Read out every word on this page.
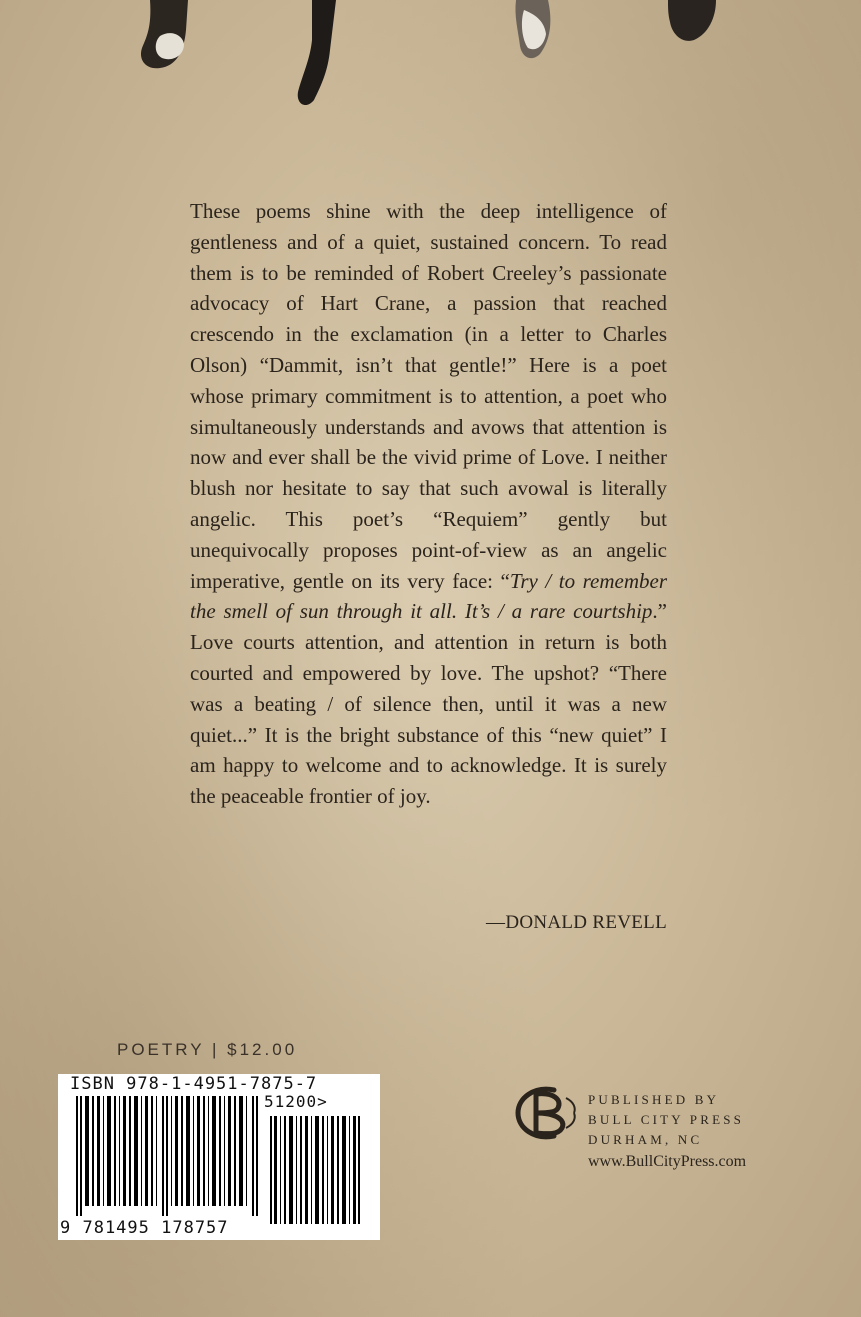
These poems shine with the deep intelligence of gentleness and of a quiet, sustained concern. To read them is to be reminded of Robert Creeley’s passionate advocacy of Hart Crane, a passion that reached crescendo in the exclamation (in a letter to Charles Olson) “Dammit, isn’t that gentle!” Here is a poet whose primary commitment is to attention, a poet who simultaneously understands and avows that attention is now and ever shall be the vivid prime of Love. I neither blush nor hesitate to say that such avowal is literally angelic. This poet’s “Requiem” gently but unequivocally proposes point-of-view as an angelic imperative, gentle on its very face: “Try / to remember the smell of sun through it all. It’s / a rare courtship.” Love courts attention, and attention in return is both courted and empowered by love. The upshot? “There was a beating / of silence then, until it was a new quiet...” It is the bright substance of this “new quiet” I am happy to welcome and to acknowledge. It is surely the peaceable frontier of joy.

—DONALD REVELL
POETRY | $12.00
ISBN 978-1-4951-7875-7
51200>
9 781495 178757
PUBLISHED BY
BULL CITY PRESS
DURHAM, NC
www.BullCityPress.com
